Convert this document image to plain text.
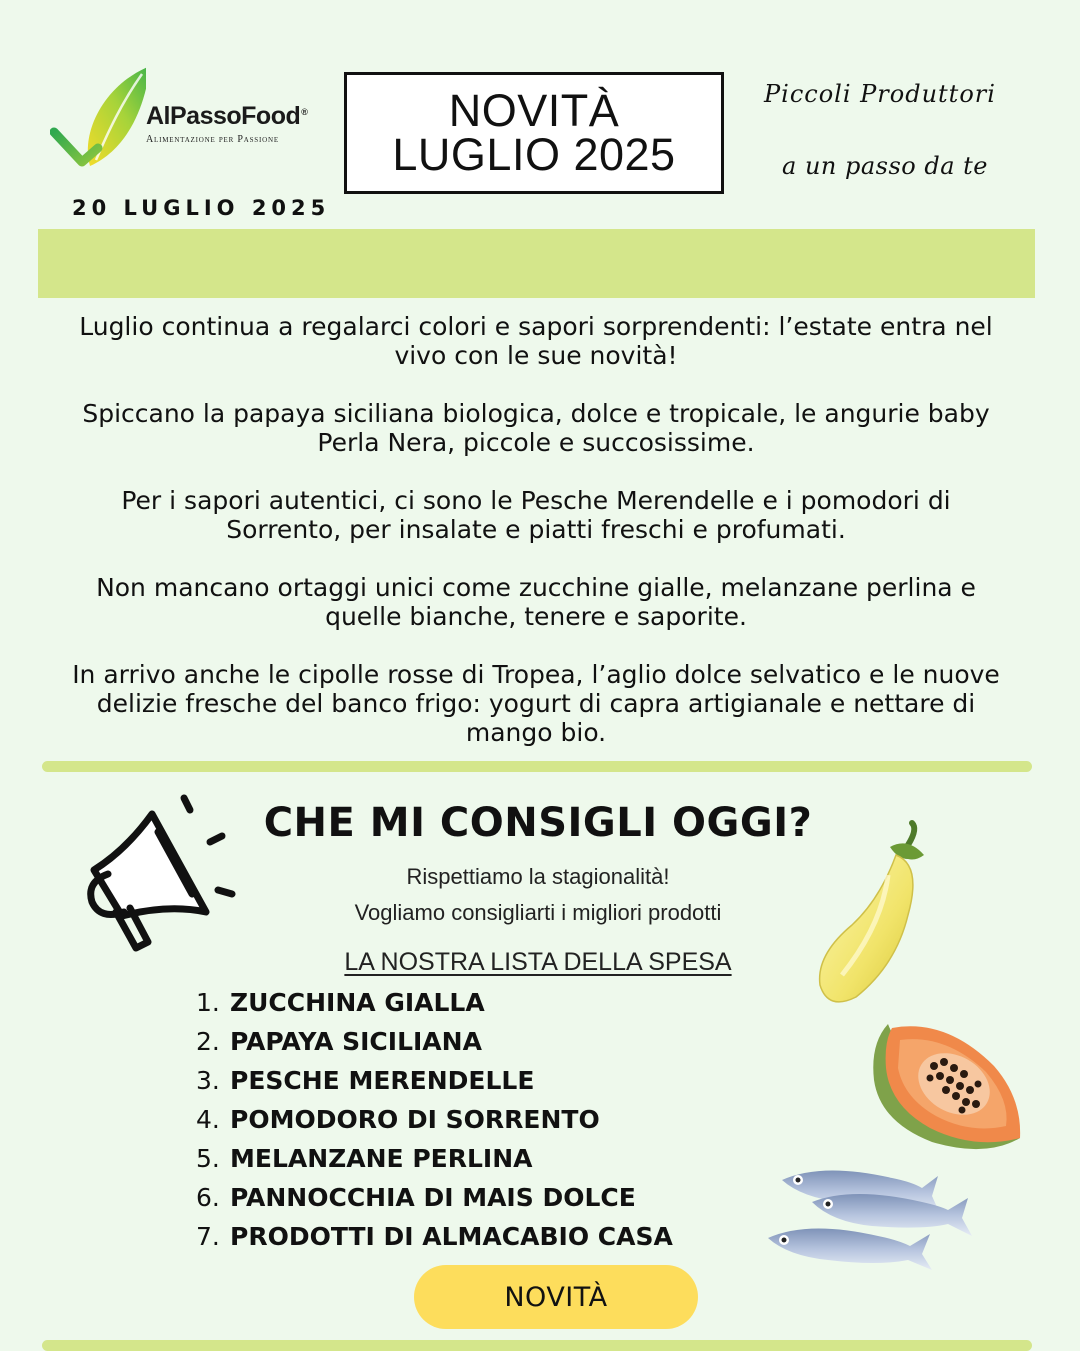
AlPassoFood®
Alimentazione per Passione
20 LUGLIO 2025
NOVITÀ
LUGLIO 2025
Piccoli Produttori
a un passo da te

Luglio continua a regalarci colori e sapori sorprendenti: l’estate entra nel vivo con le sue novità!

Spiccano la papaya siciliana biologica, dolce e tropicale, le angurie baby Perla Nera, piccole e succosissime.

Per i sapori autentici, ci sono le Pesche Merendelle e i pomodori di Sorrento, per insalate e piatti freschi e profumati.

Non mancano ortaggi unici come zucchine gialle, melanzane perlina e quelle bianche, tenere e saporite.

In arrivo anche le cipolle rosse di Tropea, l’aglio dolce selvatico e le nuove delizie fresche del banco frigo: yogurt di capra artigianale e nettare di mango bio.

CHE MI CONSIGLI OGGI?
Rispettiamo la stagionalità!
Vogliamo consigliarti i migliori prodotti
LA NOSTRA LISTA DELLA SPESA
1. ZUCCHINA GIALLA
2. PAPAYA SICILIANA
3. PESCHE MERENDELLE
4. POMODORO DI SORRENTO
5. MELANZANE PERLINA
6. PANNOCCHIA DI MAIS DOLCE
7. PRODOTTI DI ALMACABIO CASA
NOVITÀ
